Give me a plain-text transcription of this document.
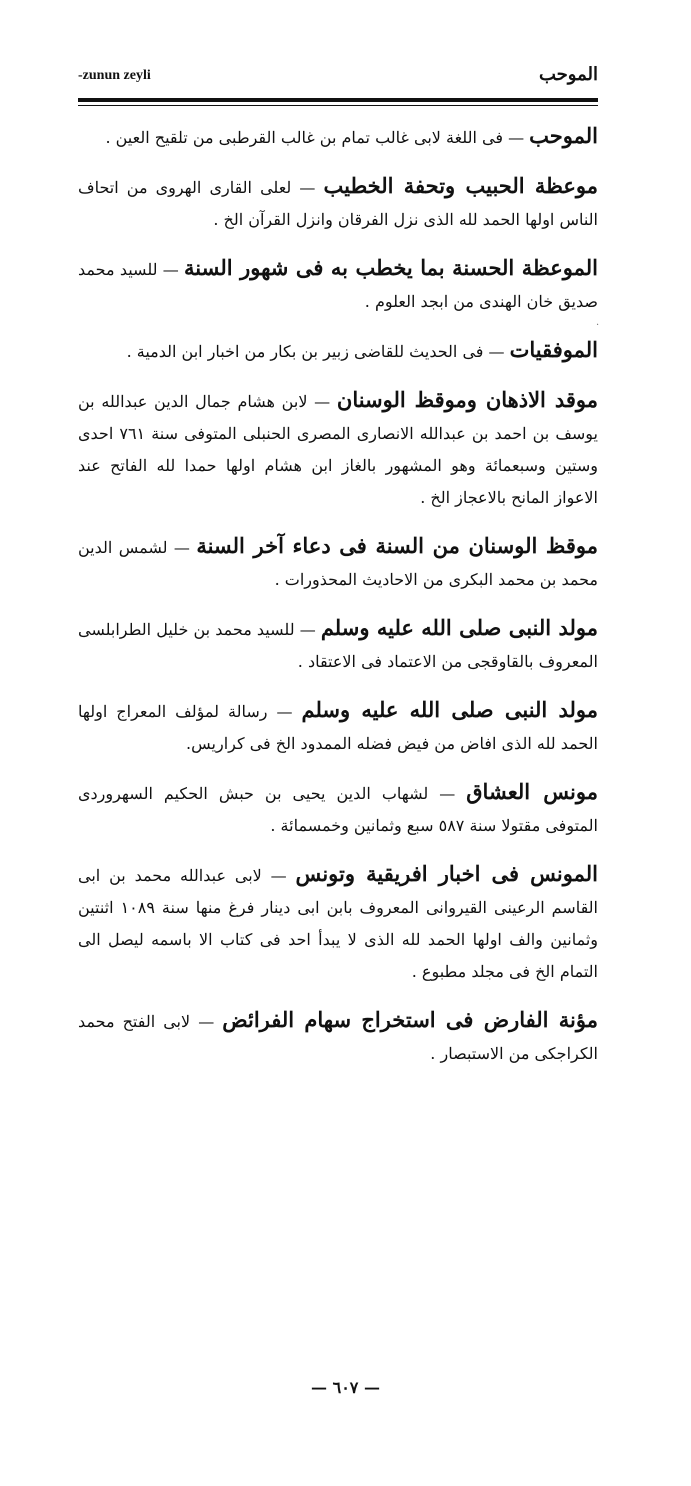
·
-zunun zeyli	الموحب

الموحب — فى اللغة لابى غالب تمام بن غالب القرطبى من تلقيح العين .

موعظة الحبيب وتحفة الخطيب — لعلى القارى الهروى من اتحاف الناس اولها الحمد لله الذى نزل الفرقان وانزل القرآن الخ .

الموعظة الحسنة بما يخطب به فى شهور السنة — للسيد محمد صديق خان الهندى من ابجد العلوم .

الموفقيات — فى الحديث للقاضى زبير بن بكار من اخبار ابن الدمية .

موقد الاذهان وموقظ الوسنان — لابن هشام جمال الدين عبدالله بن يوسف بن احمد بن عبدالله الانصارى المصرى الحنبلى المتوفى سنة ٧٦١ احدى وستين وسبعمائة وهو المشهور بالغاز ابن هشام اولها حمدا لله الفاتح عند الاعواز المانح بالاعجاز الخ .

موقظ الوسنان من السنة فى دعاء آخر السنة — لشمس الدين محمد بن محمد البكرى من الاحاديث المحذورات .

مولد النبى صلى الله عليه وسلم — للسيد محمد بن خليل الطرابلسى المعروف بالقاوقجى من الاعتماد فى الاعتقاد .

مولد النبى صلى الله عليه وسلم — رسالة لمؤلف المعراج اولها الحمد لله الذى افاض من فيض فضله الممدود الخ فى كراريس.

مونس العشاق — لشهاب الدين يحيى بن حبش الحكيم السهروردى المتوفى مقتولا سنة ٥٨٧ سبع وثمانين وخمسمائة .

المونس فى اخبار افريقية وتونس — لابى عبدالله محمد بن ابى القاسم الرعينى القيروانى المعروف بابن ابى دينار فرغ منها سنة ١٠٨٩ اثنتين وثمانين والف اولها الحمد لله الذى لا يبدأ احد فى كتاب الا باسمه ليصل الى التمام الخ فى مجلد مطبوع .

مؤنة الفارض فى استخراج سهام الفرائض — لابى الفتح محمد الكراجكى من الاستبصار .

— ٦٠٧ —
